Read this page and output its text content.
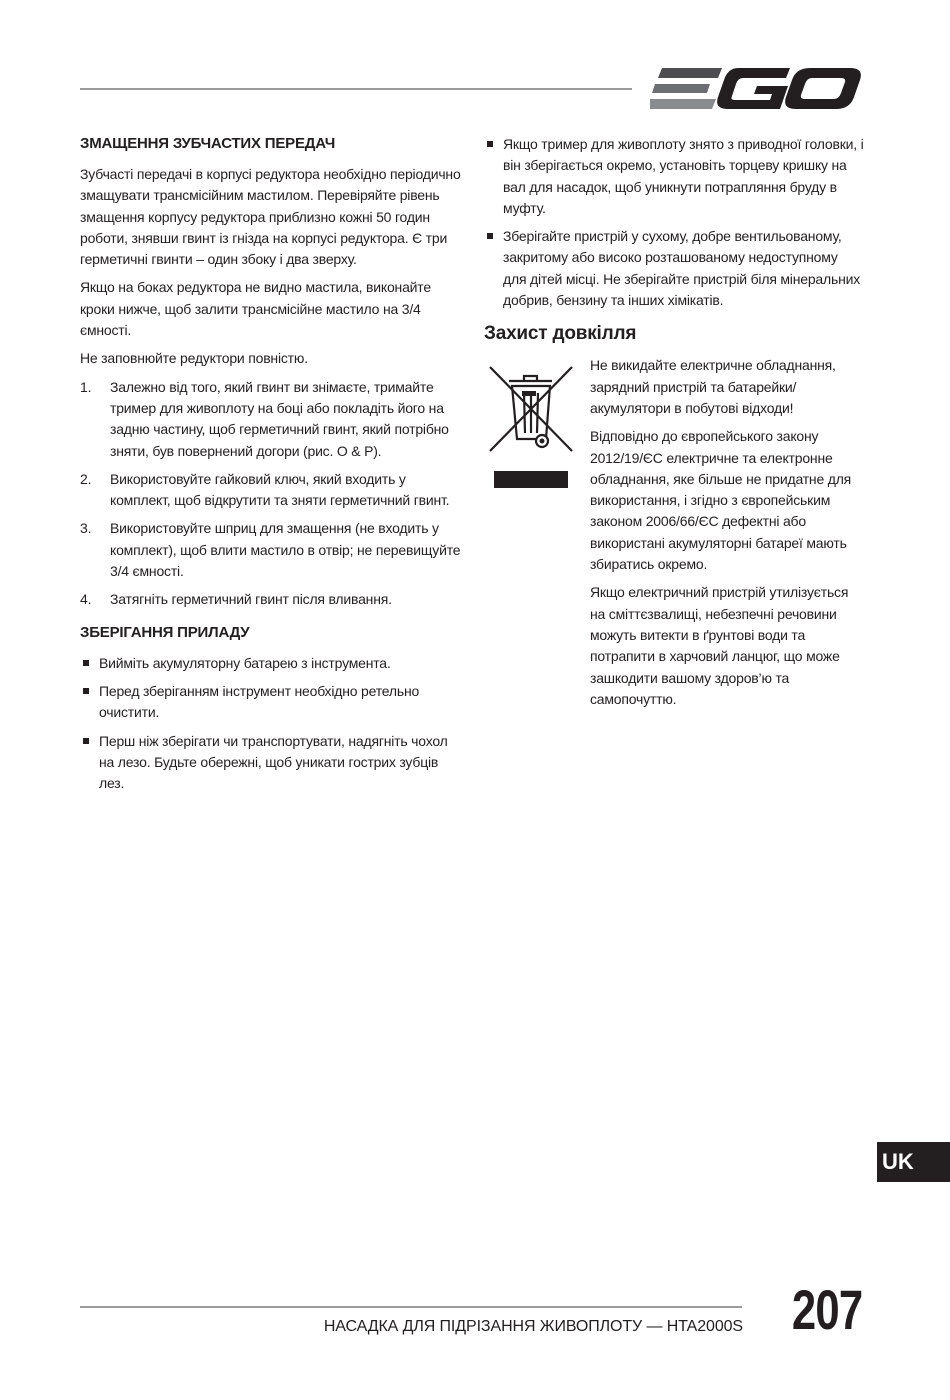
ЗМАЩЕННЯ ЗУБЧАСТИХ ПЕРЕДАЧ

Зубчасті передачі в корпусі редуктора необхідно періодично змащувати трансмісійним мастилом. Перевіряйте рівень змащення корпусу редуктора приблизно кожні 50 годин роботи, знявши гвинт із гнізда на корпусі редуктора. Є три герметичні гвинти – один збоку і два зверху.

Якщо на боках редуктора не видно мастила, виконайте кроки нижче, щоб залити трансмісійне мастило на 3/4 ємності.

Не заповнюйте редуктори повністю.

1. Залежно від того, який гвинт ви знімаєте, тримайте тример для живоплоту на боці або покладіть його на задню частину, щоб герметичний гвинт, який потрібно зняти, був повернений догори (рис. O & P).
2. Використовуйте гайковий ключ, який входить у комплект, щоб відкрутити та зняти герметичний гвинт.
3. Використовуйте шприц для змащення (не входить у комплект), щоб влити мастило в отвір; не перевищуйте 3/4 ємності.
4. Затягніть герметичний гвинт після вливання.
ЗБЕРІГАННЯ ПРИЛАДУ
Вийміть акумуляторну батарею з інструмента.
Перед зберіганням інструмент необхідно ретельно очистити.
Перш ніж зберігати чи транспортувати, надягніть чохол на лезо. Будьте обережні, щоб уникати гострих зубців лез.
Якщо тример для живоплоту знято з приводної головки, і він зберігається окремо, установіть торцеву кришку на вал для насадок, щоб уникнути потрапляння бруду в муфту.
Зберігайте пристрій у сухому, добре вентильованому, закритому або високо розташованому недоступному для дітей місці. Не зберігайте пристрій біля мінеральних добрив, бензину та інших хімікатів.
Захист довкілля

Не викидайте електричне обладнання, зарядний пристрій та батарейки/акумулятори в побутові відходи!

Відповідно до європейського закону 2012/19/ЄС електричне та електронне обладнання, яке більше не придатне для використання, і згідно з європейським законом 2006/66/ЄС дефектні або використані акумуляторні батареї мають збиратись окремо.

Якщо електричний пристрій утилізується на сміттєзвалищі, небезпечні речовини можуть витекти в ґрунтові води та потрапити в харчовий ланцюг, що може зашкодити вашому здоров’ю та самопочуттю.

UK
НАСАДКА ДЛЯ ПІДРІЗАННЯ ЖИВОПЛОТУ — HTA2000S 207
